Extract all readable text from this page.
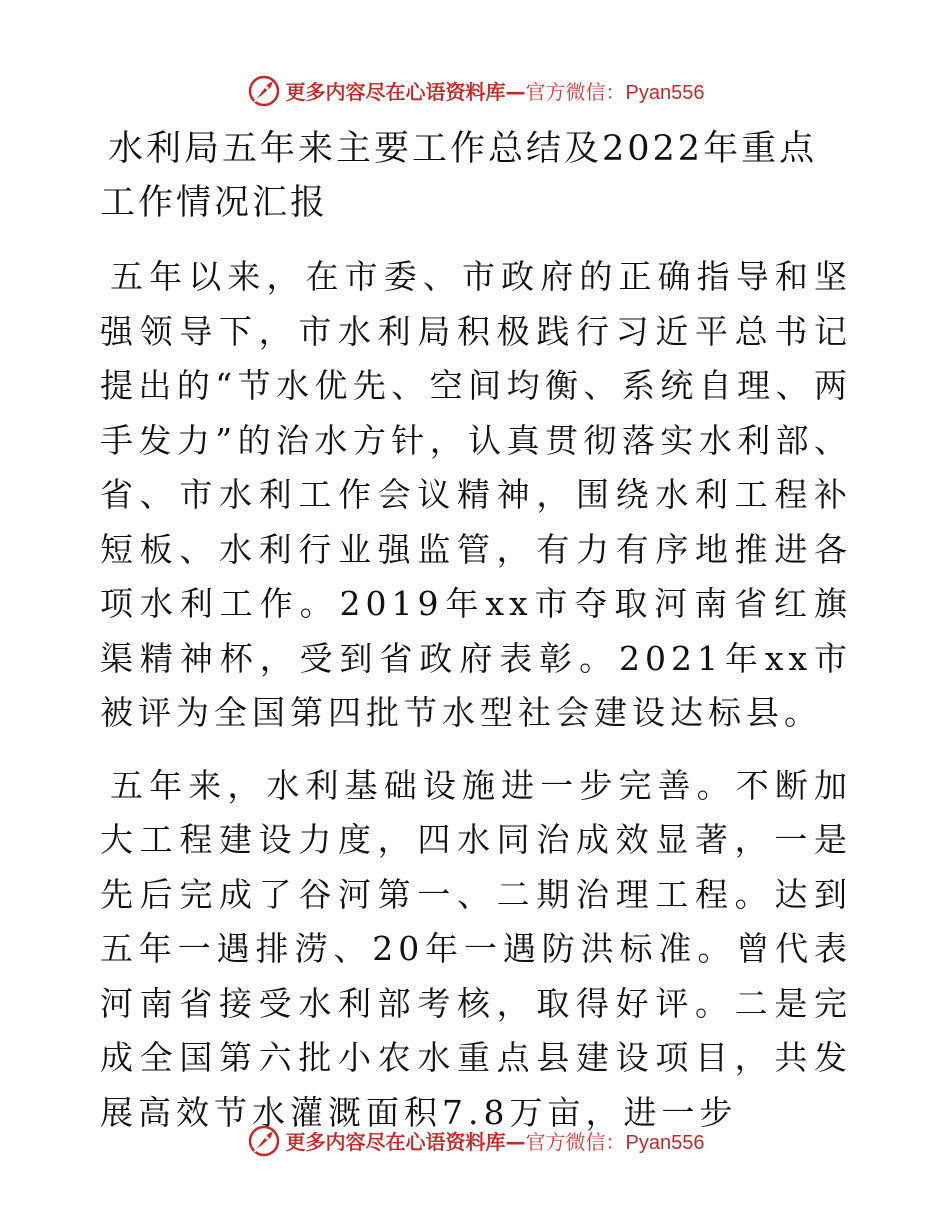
更多内容尽在心语资料库—官方微信：Pyan556
水利局五年来主要工作总结及2022年重点工作情况汇报

五年以来，在市委、市政府的正确指导和坚强领导下，市水利局积极践行习近平总书记提出的“节水优先、空间均衡、系统自理、两手发力”的治水方针，认真贯彻落实水利部、省、市水利工作会议精神，围绕水利工程补短板、水利行业强监管，有力有序地推进各项水利工作。2019年xx市夺取河南省红旗渠精神杯，受到省政府表彰。2021年xx市被评为全国第四批节水型社会建设达标县。

五年来，水利基础设施进一步完善。不断加大工程建设力度，四水同治成效显著，一是先后完成了谷河第一、二期治理工程。达到五年一遇排涝、20年一遇防洪标准。曾代表河南省接受水利部考核，取得好评。二是完成全国第六批小农水重点县建设项目，共发展高效节水灌溉面积7.8万亩，进一步

更多内容尽在心语资料库—官方微信：Pyan556
